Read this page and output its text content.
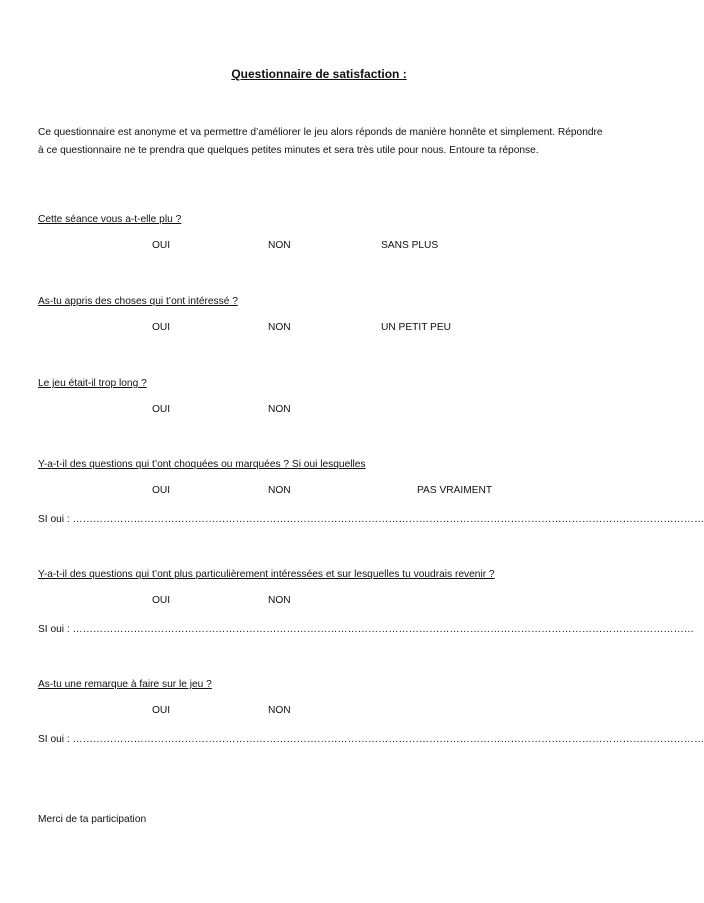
Questionnaire de satisfaction :
Ce questionnaire est anonyme et va permettre d’améliorer le jeu alors réponds de manière honnête et simplement. Répondre à ce questionnaire ne te prendra que quelques petites minutes et sera très utile pour nous. Entoure ta réponse.
Cette séance vous a-t-elle plu ?
OUI	NON	SANS PLUS
As-tu appris des choses qui t’ont intéressé ?
OUI	NON	UN PETIT PEU
Le jeu était-il trop long ?
OUI	NON
Y-a-t-il des questions qui t’ont choquées ou marquées ? Si oui lesquelles
OUI	NON	PAS VRAIMENT
SI oui : ……………………………………………………………………………………………………………………………………………………………………
Y-a-t-il des questions qui t’ont plus particulièrement intéressées et sur lesquelles tu voudrais revenir ?
OUI	NON
SI oui : …………………………………………………………………………………………………………………………………………………………………
As-tu une remarque à faire sur le jeu ?
OUI	NON
SI oui : ……………………………………………………………………………………………………………………………………………………………………
Merci de ta participation
